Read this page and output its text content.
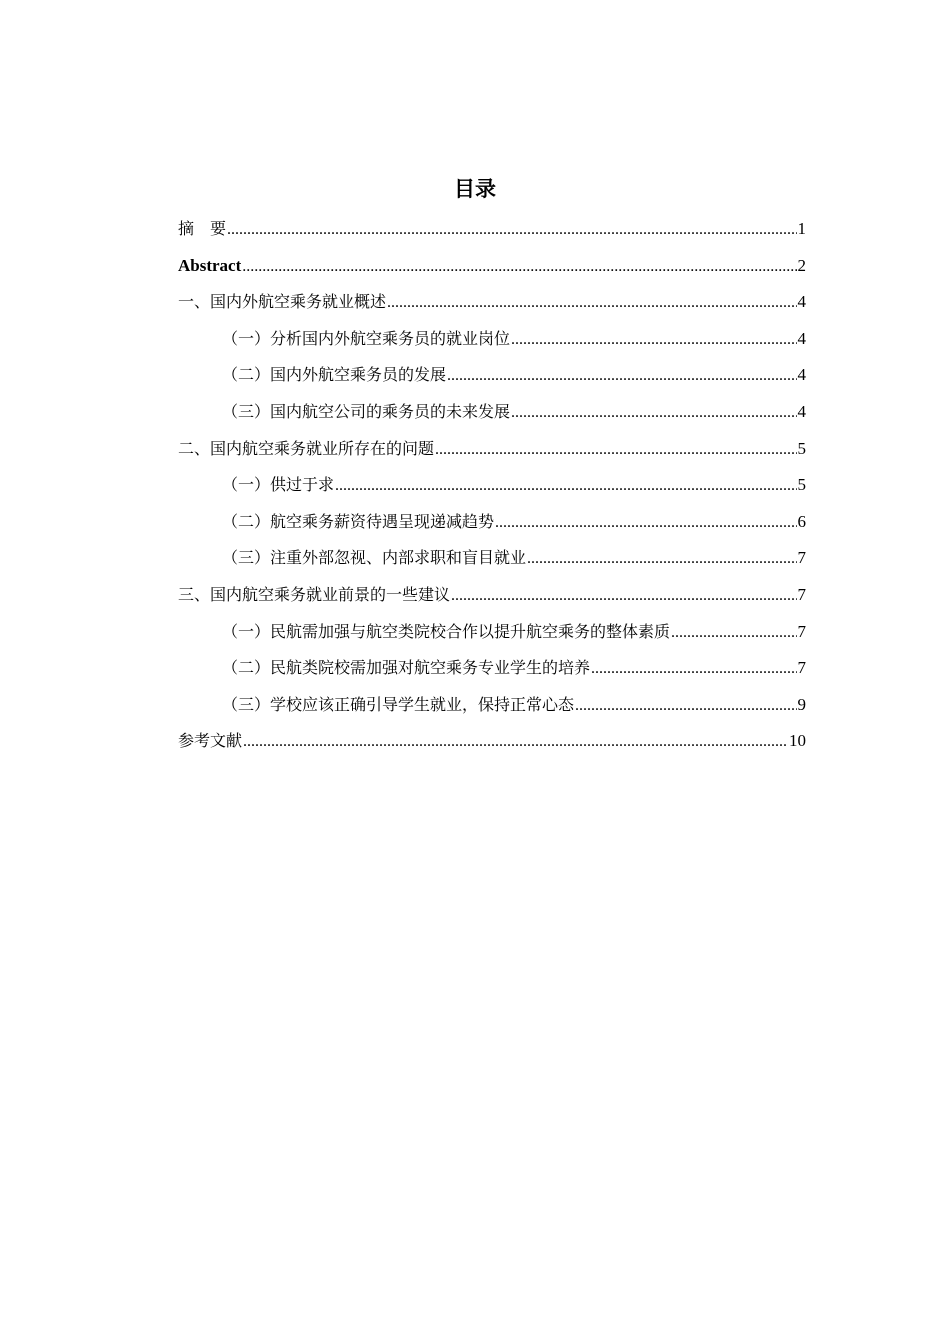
目录
摘　要 .....	1
Abstract .....	2
一、国内外航空乘务就业概述 .....	4
（一）分析国内外航空乘务员的就业岗位 .....	4
（二）国内外航空乘务员的发展 .....	4
（三）国内航空公司的乘务员的未来发展 .....	4
二、国内航空乘务就业所存在的问题 .....	5
（一）供过于求 .....	5
（二）航空乘务薪资待遇呈现递减趋势 .....	6
（三）注重外部忽视、内部求职和盲目就业 .....	7
三、国内航空乘务就业前景的一些建议 .....	7
（一）民航需加强与航空类院校合作以提升航空乘务的整体素质 .....	7
（二）民航类院校需加强对航空乘务专业学生的培养 .....	7
（三）学校应该正确引导学生就业，保持正常心态 .....	9
参考文献 .....	10
